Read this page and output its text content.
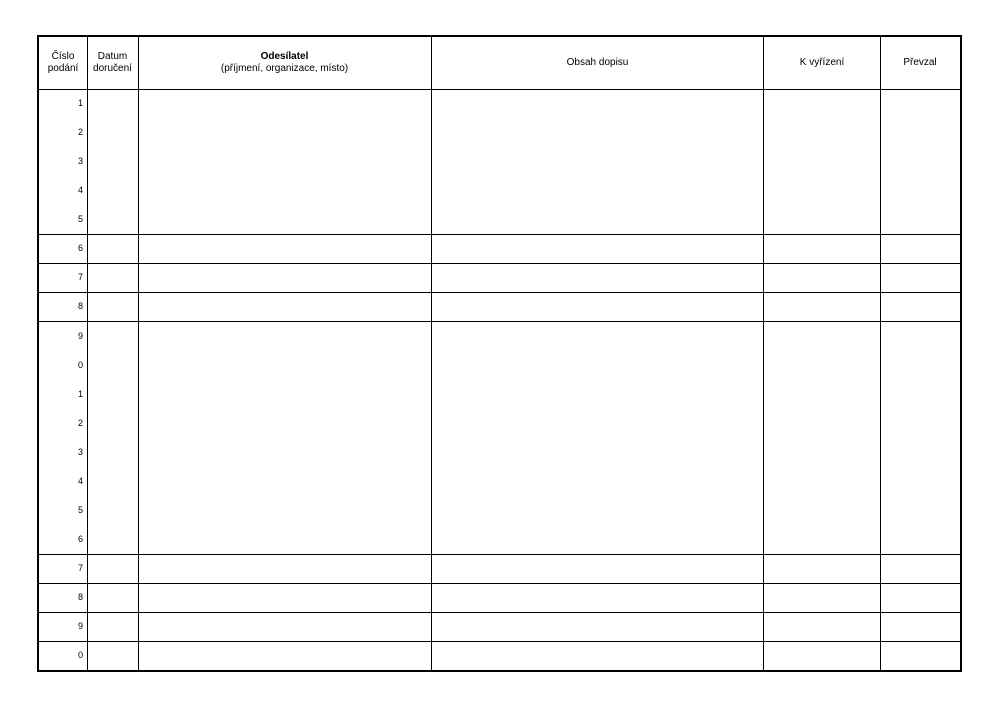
Číslo
podání
Datum
doručení
Odesílatel
(příjmení, organizace, místo)
Obsah dopisu	K vyřízení	Převzal
1
2
3
4
5
6
7
8
9
0
1
2
3
4
5
6
7
8
9
0
